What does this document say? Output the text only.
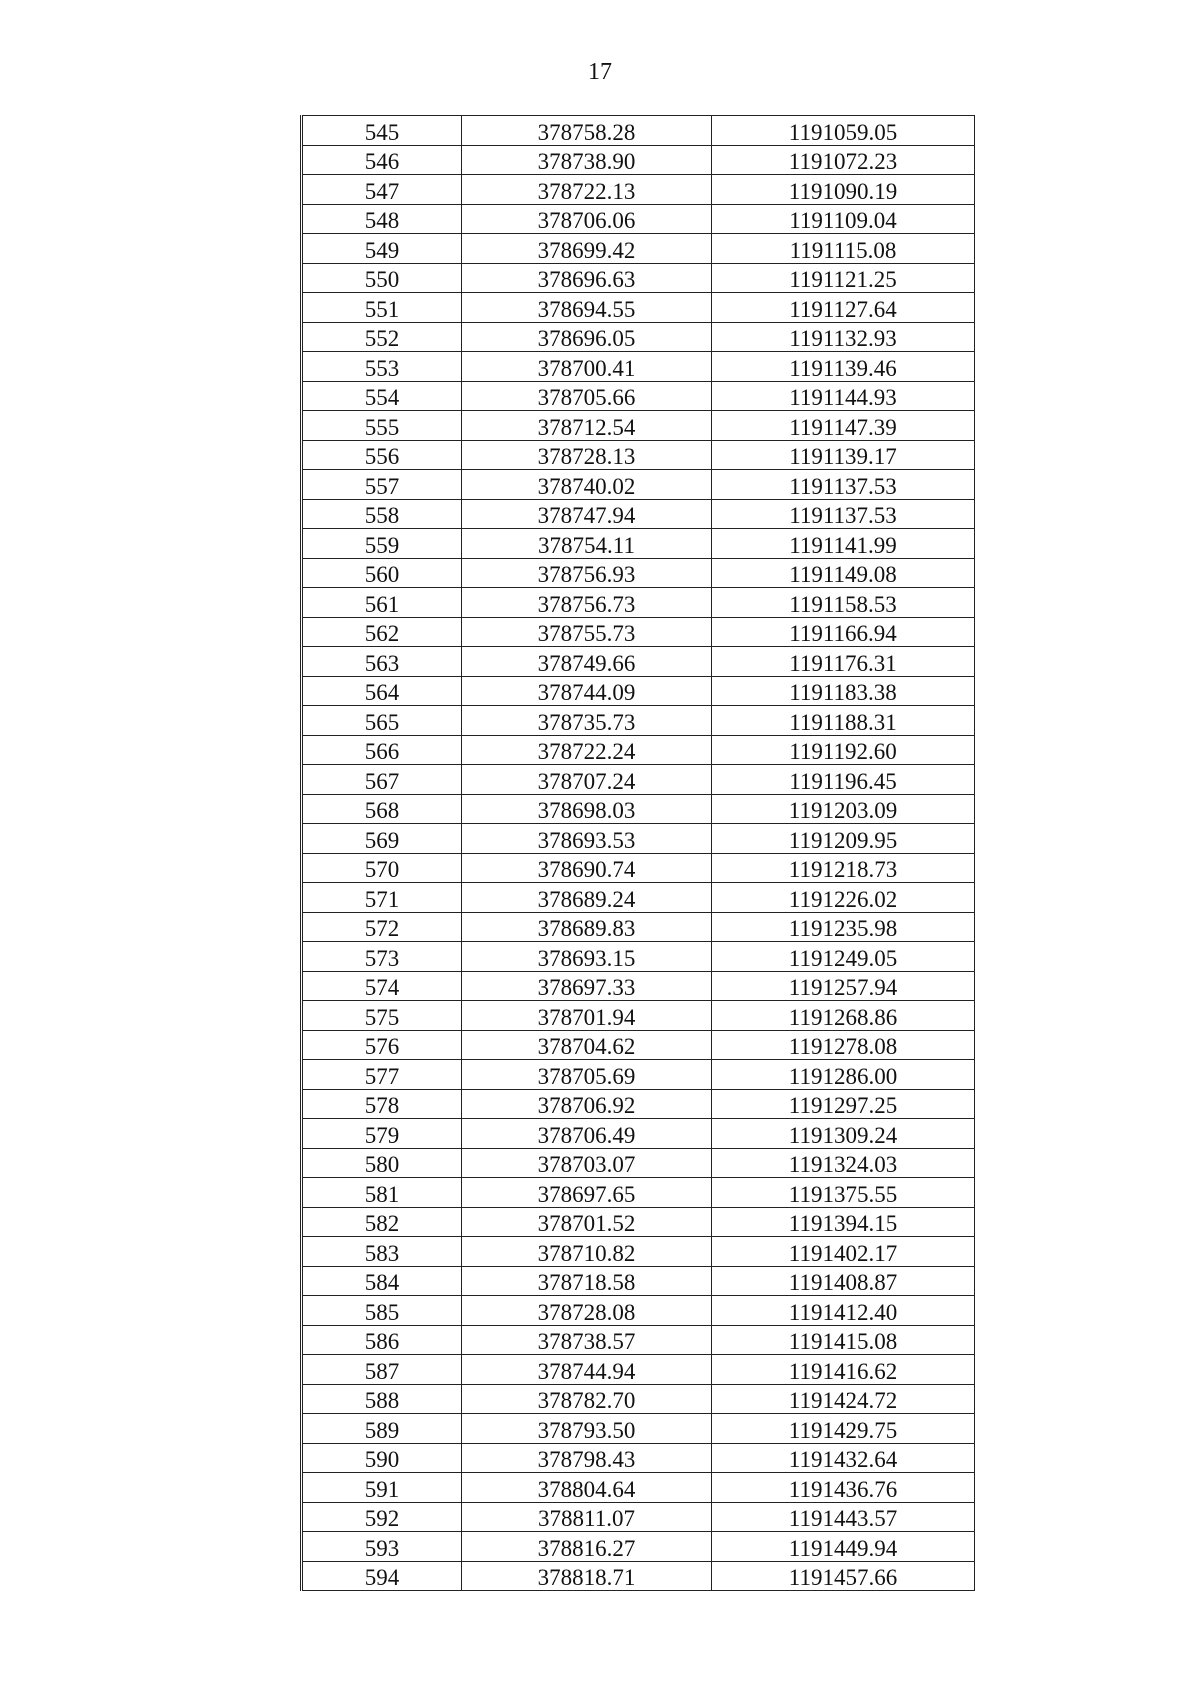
17
545	378758.28	1191059.05
546	378738.90	1191072.23
547	378722.13	1191090.19
548	378706.06	1191109.04
549	378699.42	1191115.08
550	378696.63	1191121.25
551	378694.55	1191127.64
552	378696.05	1191132.93
553	378700.41	1191139.46
554	378705.66	1191144.93
555	378712.54	1191147.39
556	378728.13	1191139.17
557	378740.02	1191137.53
558	378747.94	1191137.53
559	378754.11	1191141.99
560	378756.93	1191149.08
561	378756.73	1191158.53
562	378755.73	1191166.94
563	378749.66	1191176.31
564	378744.09	1191183.38
565	378735.73	1191188.31
566	378722.24	1191192.60
567	378707.24	1191196.45
568	378698.03	1191203.09
569	378693.53	1191209.95
570	378690.74	1191218.73
571	378689.24	1191226.02
572	378689.83	1191235.98
573	378693.15	1191249.05
574	378697.33	1191257.94
575	378701.94	1191268.86
576	378704.62	1191278.08
577	378705.69	1191286.00
578	378706.92	1191297.25
579	378706.49	1191309.24
580	378703.07	1191324.03
581	378697.65	1191375.55
582	378701.52	1191394.15
583	378710.82	1191402.17
584	378718.58	1191408.87
585	378728.08	1191412.40
586	378738.57	1191415.08
587	378744.94	1191416.62
588	378782.70	1191424.72
589	378793.50	1191429.75
590	378798.43	1191432.64
591	378804.64	1191436.76
592	378811.07	1191443.57
593	378816.27	1191449.94
594	378818.71	1191457.66
